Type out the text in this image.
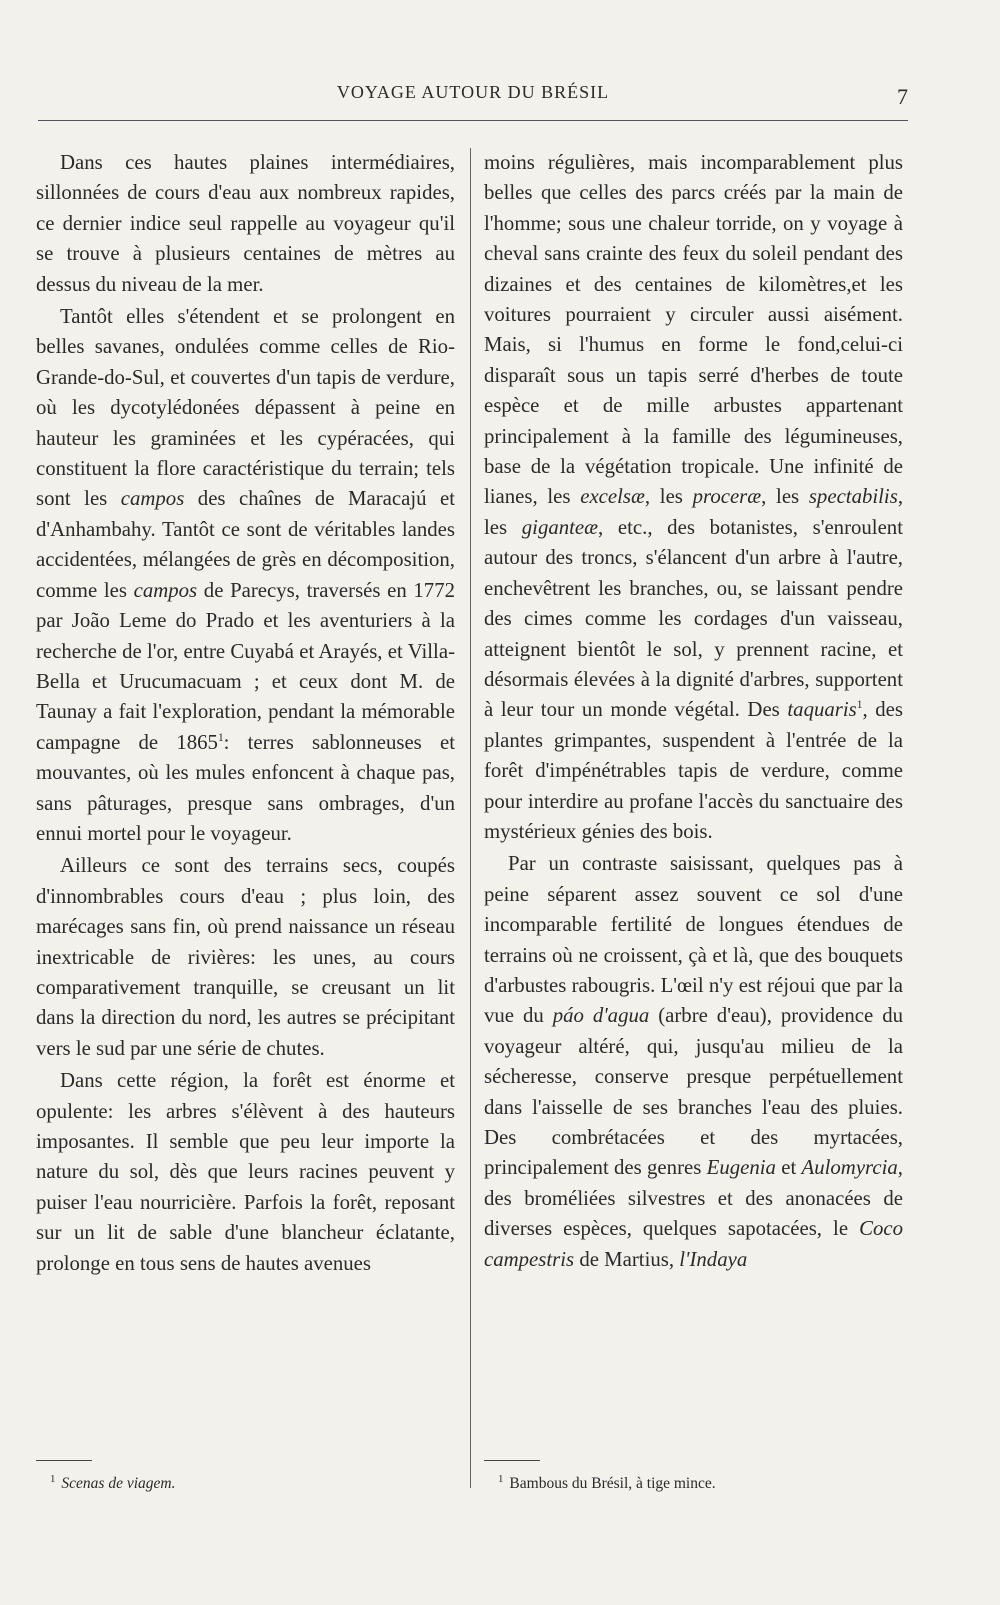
VOYAGE AUTOUR DU BRÉSIL	7

Dans ces hautes plaines intermédiaires, sillonnées de cours d'eau aux nombreux rapides, ce dernier indice seul rappelle au voyageur qu'il se trouve à plusieurs centaines de mètres au dessus du niveau de la mer.

Tantôt elles s'étendent et se prolongent en belles savanes, ondulées comme celles de Rio-Grande-do-Sul, et couvertes d'un tapis de verdure, où les dycotylédonées dépassent à peine en hauteur les graminées et les cypéracées, qui constituent la flore caractéristique du terrain; tels sont les campos des chaînes de Maracajú et d'Anhambahy. Tantôt ce sont de véritables landes accidentées, mélangées de grès en décomposition, comme les campos de Parecys, traversés en 1772 par João Leme do Prado et les aventuriers à la recherche de l'or, entre Cuyabá et Arayés, et Villa-Bella et Urucumacuam ; et ceux dont M. de Taunay a fait l'exploration, pendant la mémorable campagne de 1865$^1$: terres sablonneuses et mouvantes, où les mules enfoncent à chaque pas, sans pâturages, presque sans ombrages, d'un ennui mortel pour le voyageur.

Ailleurs ce sont des terrains secs, coupés d'innombrables cours d'eau ; plus loin, des marécages sans fin, où prend naissance un réseau inextricable de rivières: les unes, au cours comparativement tranquille, se creusant un lit dans la direction du nord, les autres se précipitant vers le sud par une série de chutes.

Dans cette région, la forêt est énorme et opulente: les arbres s'élèvent à des hauteurs imposantes. Il semble que peu leur importe la nature du sol, dès que leurs racines peuvent y puiser l'eau nourricière. Parfois la forêt, reposant sur un lit de sable d'une blancheur éclatante, prolonge en tous sens de hautes avenues

moins régulières, mais incomparablement plus belles que celles des parcs créés par la main de l'homme; sous une chaleur torride, on y voyage à cheval sans crainte des feux du soleil pendant des dizaines et des centaines de kilomètres,et les voitures pourraient y circuler aussi aisément. Mais, si l'humus en forme le fond,celui-ci disparaît sous un tapis serré d'herbes de toute espèce et de mille arbustes appartenant principalement à la famille des légumineuses, base de la végétation tropicale. Une infinité de lianes, les excelsæ, les proceræ, les spectabilis, les giganteæ, etc., des botanistes, s'enroulent autour des troncs, s'élancent d'un arbre à l'autre, enchevêtrent les branches, ou, se laissant pendre des cimes comme les cordages d'un vaisseau, atteignent bientôt le sol, y prennent racine, et désormais élevées à la dignité d'arbres, supportent à leur tour un monde végétal. Des taquaris$^1$, des plantes grimpantes, suspendent à l'entrée de la forêt d'impénétrables tapis de verdure, comme pour interdire au profane l'accès du sanctuaire des mystérieux génies des bois.

Par un contraste saisissant, quelques pas à peine séparent assez souvent ce sol d'une incomparable fertilité de longues étendues de terrains où ne croissent, çà et là, que des bouquets d'arbustes rabougris. L'œil n'y est réjoui que par la vue du páo d'agua (arbre d'eau), providence du voyageur altéré, qui, jusqu'au milieu de la sécheresse, conserve presque perpétuellement dans l'aisselle de ses branches l'eau des pluies. Des combrétacées et des myrtacées, principalement des genres Eugenia et Aulomyrcia, des broméliées silvestres et des anonacées de diverses espèces, quelques sapotacées, le Coco campestris de Martius, l'Indaya

$^1$ Scenas de viagem.	$^1$ Bambous du Brésil, à tige mince.
